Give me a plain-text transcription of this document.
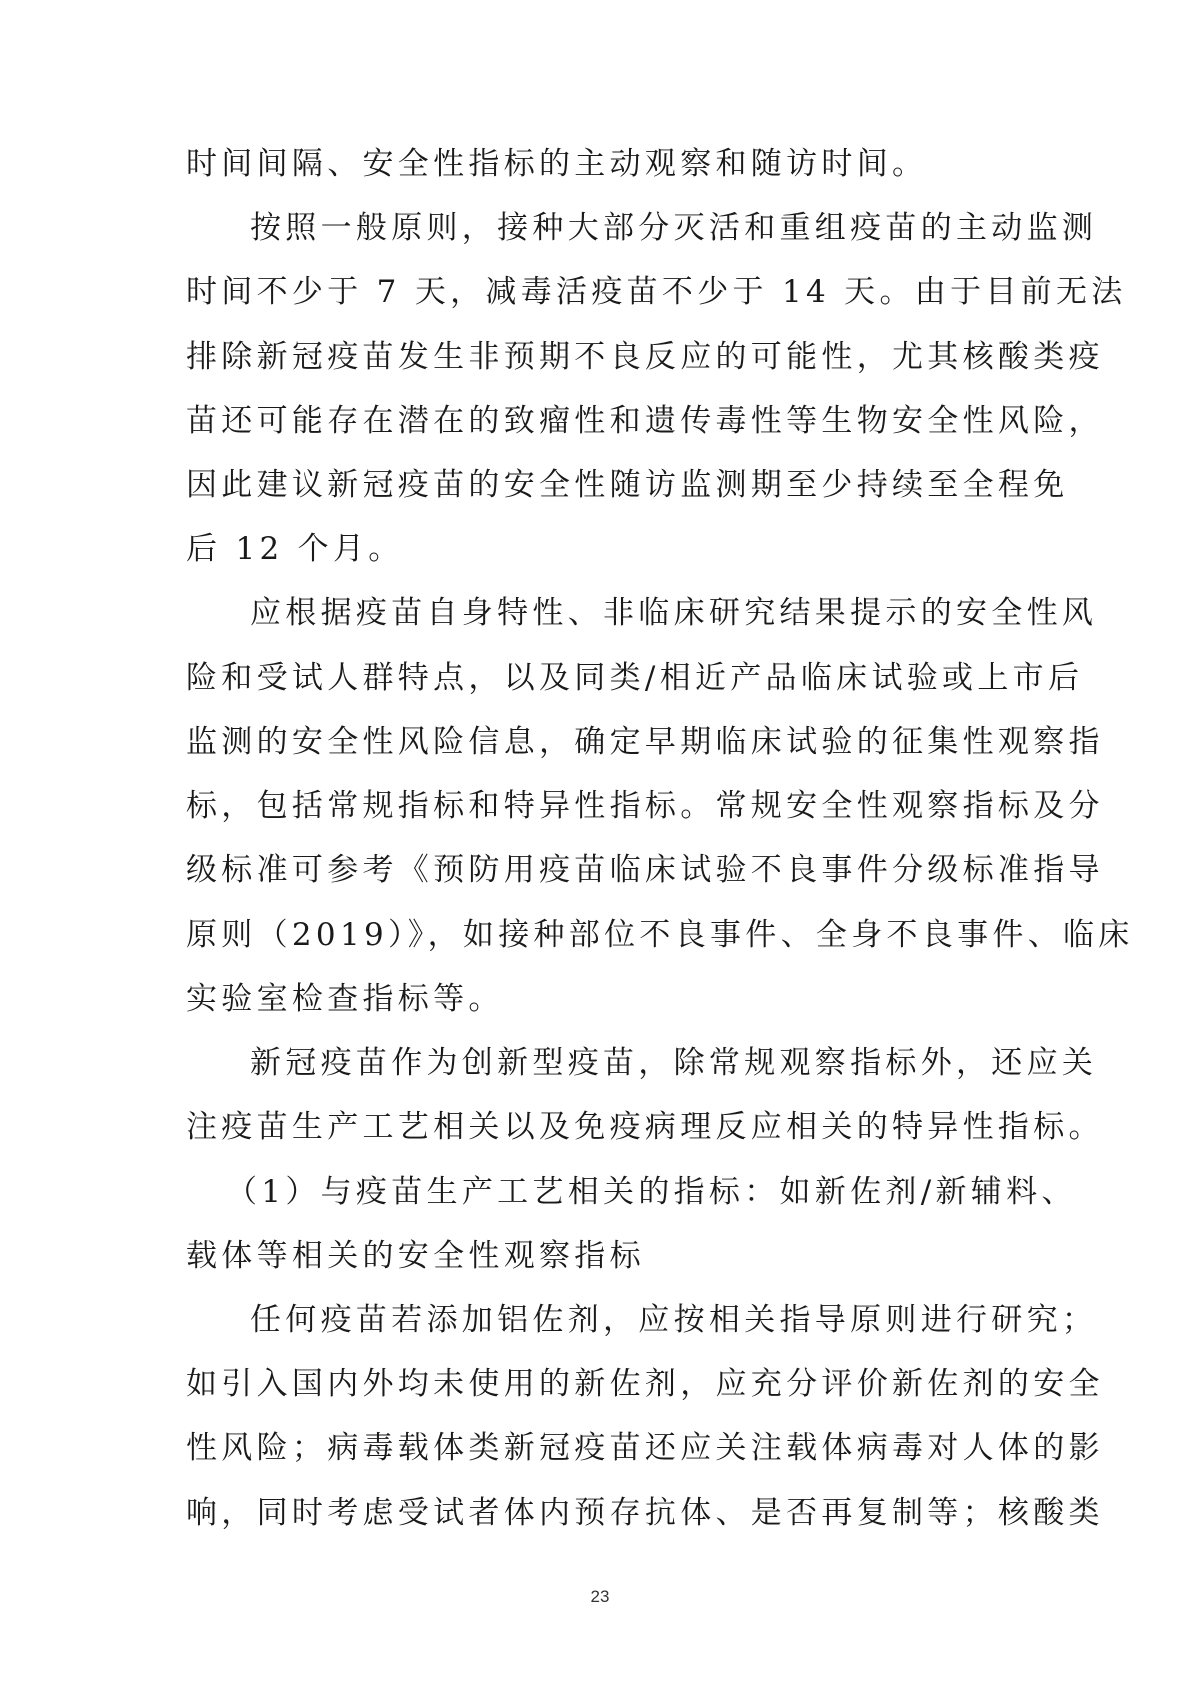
时间间隔、安全性指标的主动观察和随访时间。
按照一般原则，接种大部分灭活和重组疫苗的主动监测
时间不少于 7 天，减毒活疫苗不少于 14 天。由于目前无法
排除新冠疫苗发生非预期不良反应的可能性，尤其核酸类疫
苗还可能存在潜在的致瘤性和遗传毒性等生物安全性风险，
因此建议新冠疫苗的安全性随访监测期至少持续至全程免
后 12 个月。
应根据疫苗自身特性、非临床研究结果提示的安全性风
险和受试人群特点，以及同类/相近产品临床试验或上市后
监测的安全性风险信息，确定早期临床试验的征集性观察指
标，包括常规指标和特异性指标。常规安全性观察指标及分
级标准可参考《预防用疫苗临床试验不良事件分级标准指导
原则（2019）》，如接种部位不良事件、全身不良事件、临床
实验室检查指标等。
新冠疫苗作为创新型疫苗，除常规观察指标外，还应关
注疫苗生产工艺相关以及免疫病理反应相关的特异性指标。
（1）与疫苗生产工艺相关的指标：如新佐剂/新辅料、
载体等相关的安全性观察指标
任何疫苗若添加铝佐剂，应按相关指导原则进行研究；
如引入国内外均未使用的新佐剂，应充分评价新佐剂的安全
性风险；病毒载体类新冠疫苗还应关注载体病毒对人体的影
响，同时考虑受试者体内预存抗体、是否再复制等；核酸类
23
